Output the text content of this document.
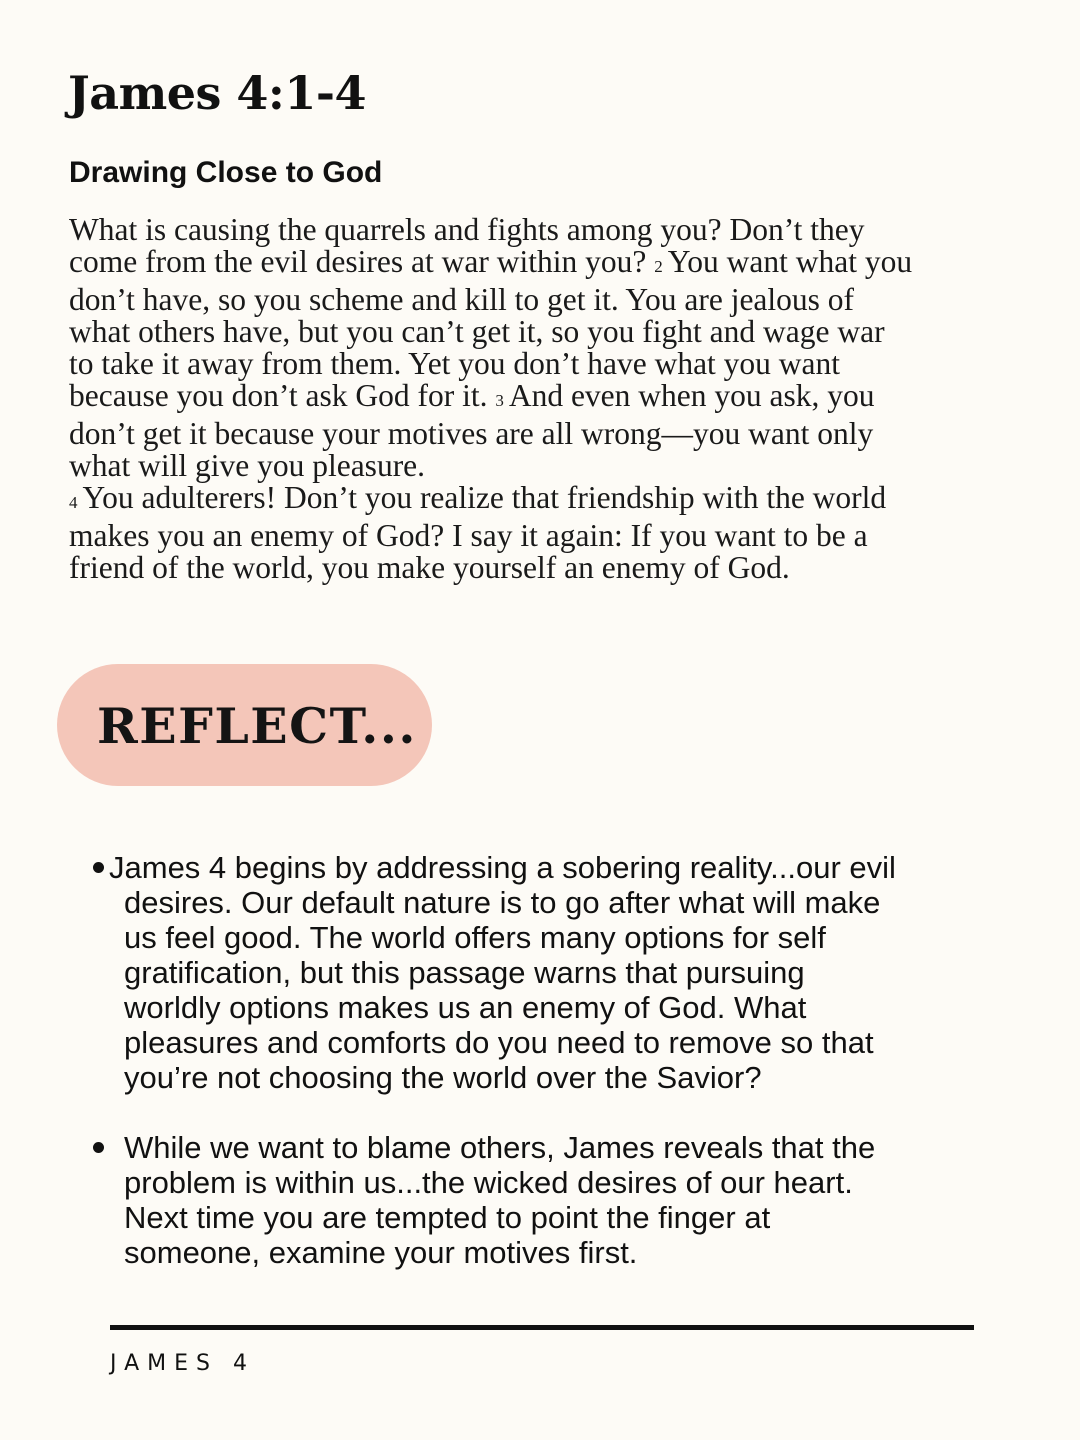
James 4:1-4
Drawing Close to God
What is causing the quarrels and fights among you? Don’t they
come from the evil desires at war within you? 2 You want what you
don’t have, so you scheme and kill to get it. You are jealous of
what others have, but you can’t get it, so you fight and wage war
to take it away from them. Yet you don’t have what you want
because you don’t ask God for it. 3 And even when you ask, you
don’t get it because your motives are all wrong—you want only
what will give you pleasure.
4 You adulterers! Don’t you realize that friendship with the world
makes you an enemy of God? I say it again: If you want to be a
friend of the world, you make yourself an enemy of God.
REFLECT...
James 4 begins by addressing a sobering reality...our evil
desires. Our default nature is to go after what will make
us feel good. The world offers many options for self
gratification, but this passage warns that pursuing
worldly options makes us an enemy of God. What
pleasures and comforts do you need to remove so that
you’re not choosing the world over the Savior?
While we want to blame others, James reveals that the
problem is within us...the wicked desires of our heart.
Next time you are tempted to point the finger at
someone, examine your motives first.

JAMES 4
